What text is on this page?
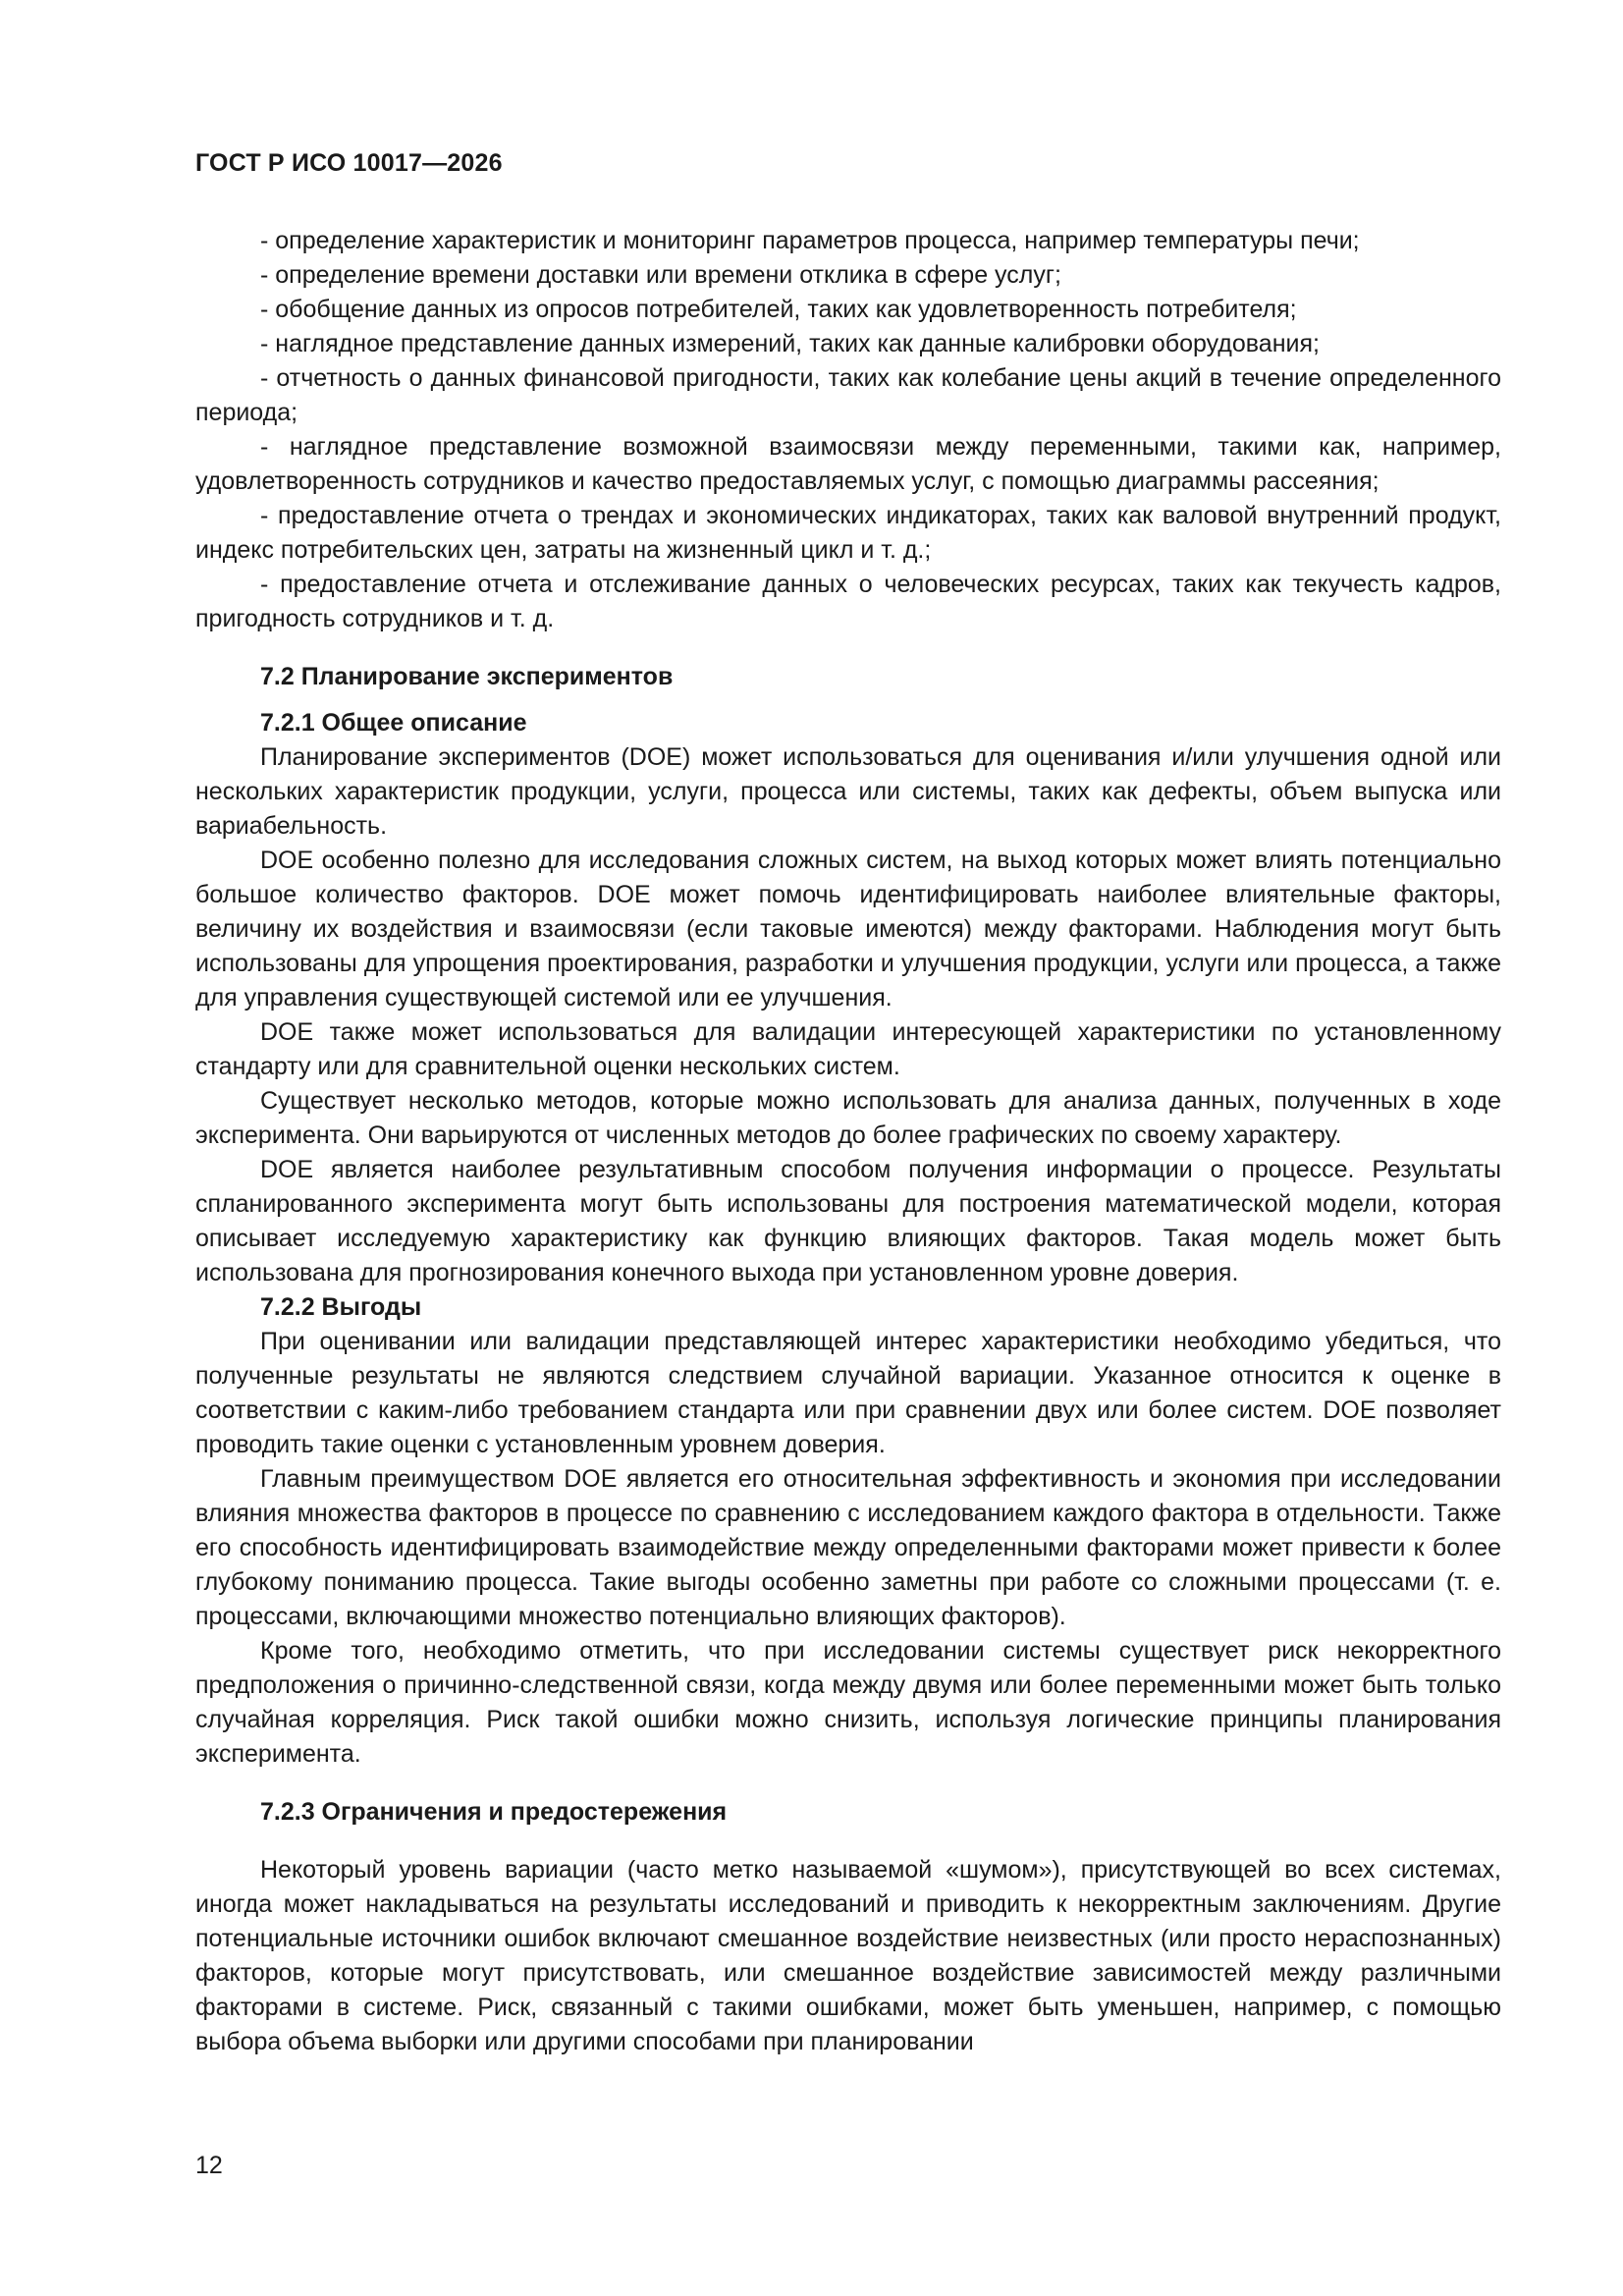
ГОСТ Р ИСО 10017—2026

- определение характеристик и мониторинг параметров процесса, например температуры печи;

- определение времени доставки или времени отклика в сфере услуг;

- обобщение данных из опросов потребителей, таких как удовлетворенность потребителя;

- наглядное представление данных измерений, таких как данные калибровки оборудования;

- отчетность о данных финансовой пригодности, таких как колебание цены акций в течение определенного периода;

- наглядное представление возможной взаимосвязи между переменными, такими как, например, удовлетворенность сотрудников и качество предоставляемых услуг, с помощью диаграммы рассеяния;

- предоставление отчета о трендах и экономических индикаторах, таких как валовой внутренний продукт, индекс потребительских цен, затраты на жизненный цикл и т. д.;

- предоставление отчета и отслеживание данных о человеческих ресурсах, таких как текучесть кадров, пригодность сотрудников и т. д.

7.2 Планирование экспериментов
7.2.1 Общее описание

Планирование экспериментов (DOE) может использоваться для оценивания и/или улучшения одной или нескольких характеристик продукции, услуги, процесса или системы, таких как дефекты, объем выпуска или вариабельность.

DOE особенно полезно для исследования сложных систем, на выход которых может влиять потенциально большое количество факторов. DOE может помочь идентифицировать наиболее влиятельные факторы, величину их воздействия и взаимосвязи (если таковые имеются) между факторами. Наблюдения могут быть использованы для упрощения проектирования, разработки и улучшения продукции, услуги или процесса, а также для управления существующей системой или ее улучшения.

DOE также может использоваться для валидации интересующей характеристики по установленному стандарту или для сравнительной оценки нескольких систем.

Существует несколько методов, которые можно использовать для анализа данных, полученных в ходе эксперимента. Они варьируются от численных методов до более графических по своему характеру.

DOE является наиболее результативным способом получения информации о процессе. Результаты спланированного эксперимента могут быть использованы для построения математической модели, которая описывает исследуемую характеристику как функцию влияющих факторов. Такая модель может быть использована для прогнозирования конечного выхода при установленном уровне доверия.

7.2.2 Выгоды

При оценивании или валидации представляющей интерес характеристики необходимо убедиться, что полученные результаты не являются следствием случайной вариации. Указанное относится к оценке в соответствии с каким-либо требованием стандарта или при сравнении двух или более систем. DOE позволяет проводить такие оценки с установленным уровнем доверия.

Главным преимуществом DOE является его относительная эффективность и экономия при исследовании влияния множества факторов в процессе по сравнению с исследованием каждого фактора в отдельности. Также его способность идентифицировать взаимодействие между определенными факторами может привести к более глубокому пониманию процесса. Такие выгоды особенно заметны при работе со сложными процессами (т. е. процессами, включающими множество потенциально влияющих факторов).

Кроме того, необходимо отметить, что при исследовании системы существует риск некорректного предположения о причинно-следственной связи, когда между двумя или более переменными может быть только случайная корреляция. Риск такой ошибки можно снизить, используя логические принципы планирования эксперимента.

7.2.3 Ограничения и предостережения

Некоторый уровень вариации (часто метко называемой «шумом»), присутствующей во всех системах, иногда может накладываться на результаты исследований и приводить к некорректным заключениям. Другие потенциальные источники ошибок включают смешанное воздействие неизвестных (или просто нераспознанных) факторов, которые могут присутствовать, или смешанное воздействие зависимостей между различными факторами в системе. Риск, связанный с такими ошибками, может быть уменьшен, например, с помощью выбора объема выборки или другими способами при планировании

12
